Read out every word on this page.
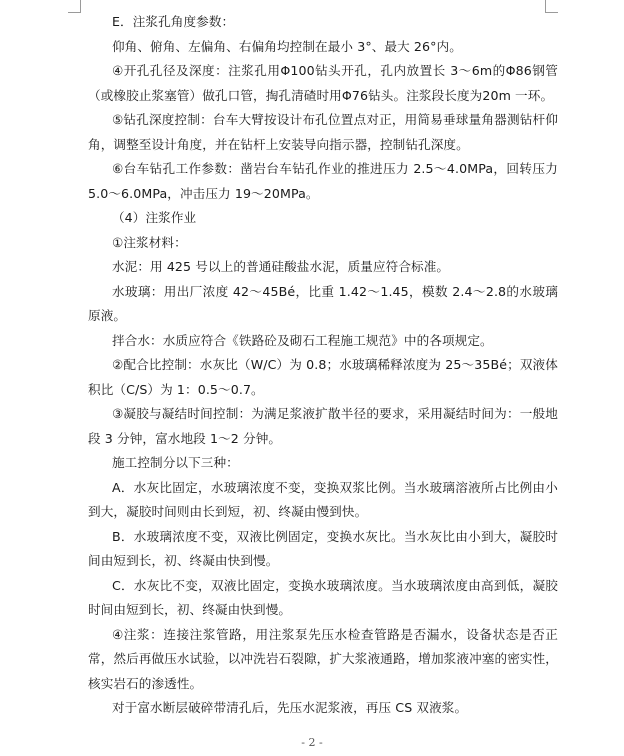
E．注浆孔角度参数：

仰角、俯角、左偏角、右偏角均控制在最小 3°、最大 26°内。

④开孔孔径及深度：注浆孔用Φ100钻头开孔，孔内放置长 3～6m的Φ86钢管（或橡胶止浆塞管）做孔口管，掏孔清碴时用Φ76钻头。注浆段长度为20m 一环。

⑤钻孔深度控制：台车大臂按设计布孔位置点对正，用简易垂球量角器测钻杆仰角，调整至设计角度，并在钻杆上安装导向指示器，控制钻孔深度。

⑥台车钻孔工作参数：凿岩台车钻孔作业的推进压力 2.5～4.0MPa，回转压力 5.0～6.0MPa，冲击压力 19～20MPa。

（4）注浆作业

①注浆材料：

水泥：用 425 号以上的普通硅酸盐水泥，质量应符合标准。

水玻璃：用出厂浓度 42～45Bé，比重 1.42～1.45，模数 2.4～2.8的水玻璃原液。

拌合水：水质应符合《铁路砼及砌石工程施工规范》中的各项规定。

②配合比控制：水灰比（W/C）为 0.8；水玻璃稀释浓度为 25～35Bé；双液体积比（C/S）为 1：0.5～0.7。

③凝胶与凝结时间控制：为满足浆液扩散半径的要求，采用凝结时间为：一般地段 3 分钟，富水地段 1～2 分钟。

施工控制分以下三种：

A．水灰比固定，水玻璃浓度不变，变换双浆比例。当水玻璃溶液所占比例由小到大，凝胶时间则由长到短，初、终凝由慢到快。

B．水玻璃浓度不变，双液比例固定，变换水灰比。当水灰比由小到大，凝胶时间由短到长，初、终凝由快到慢。

C．水灰比不变，双液比固定，变换水玻璃浓度。当水玻璃浓度由高到低，凝胶时间由短到长，初、终凝由快到慢。

④注浆：连接注浆管路，用注浆泵先压水检查管路是否漏水，设备状态是否正常，然后再做压水试验，以冲洗岩石裂隙，扩大浆液通路，增加浆液冲塞的密实性，核实岩石的渗透性。

对于富水断层破碎带清孔后，先压水泥浆液，再压 CS 双液浆。

- 2 -
